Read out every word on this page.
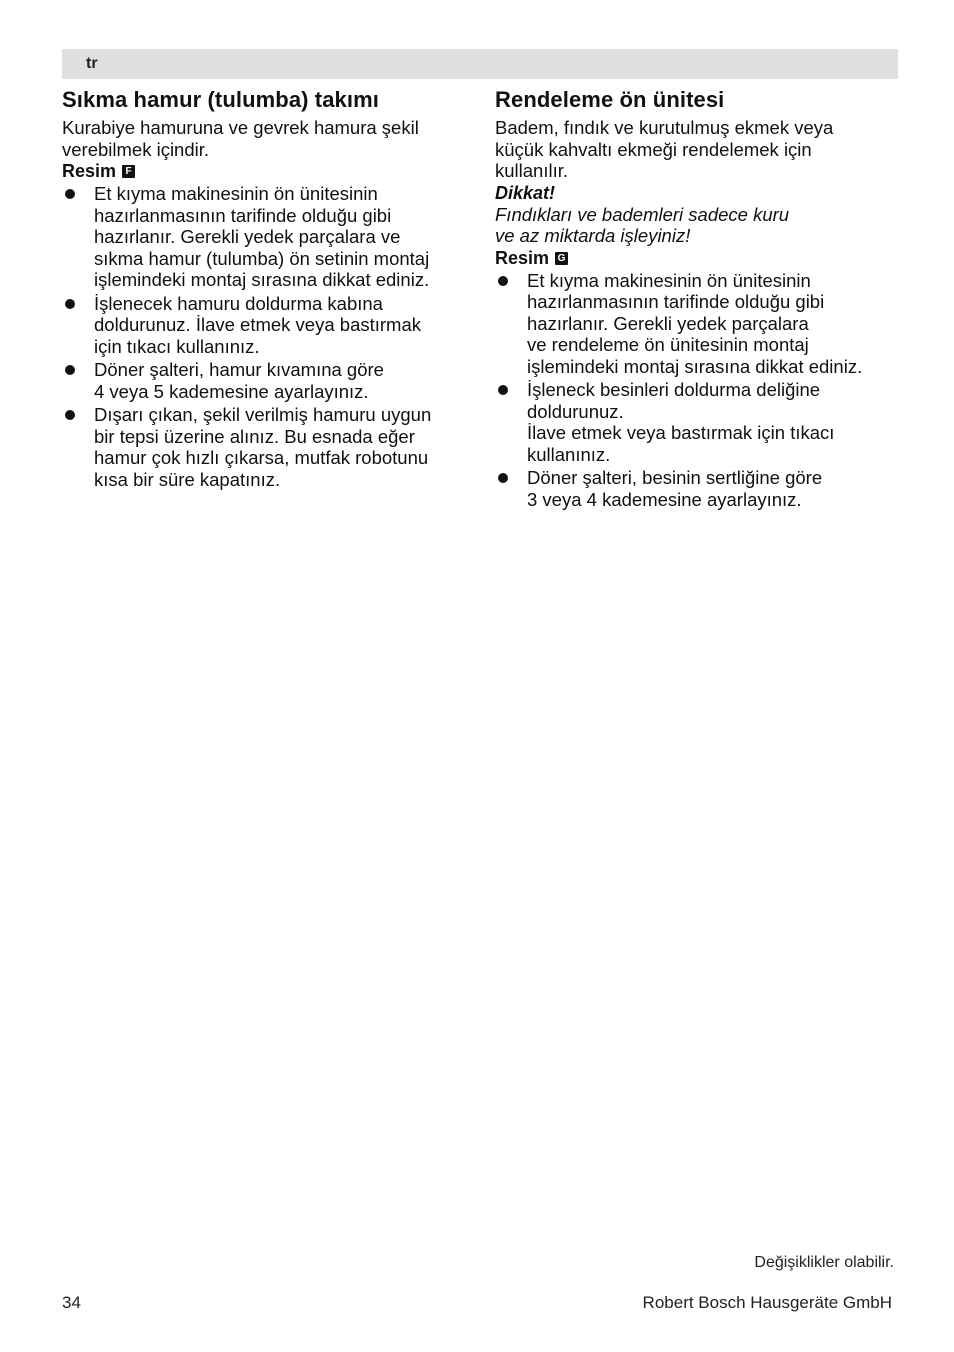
tr
Sıkma hamur (tulumba) takımı

Kurabiye hamuruna ve gevrek hamura şekil
verebilmek içindir.

Resim F
Et kıyma makinesinin ön ünitesinin
hazırlanmasının tarifinde olduğu gibi
hazırlanır. Gerekli yedek parçalara ve
sıkma hamur (tulumba) ön setinin montaj
işlemindeki montaj sırasına dikkat ediniz.
İşlenecek hamuru doldurma kabına
doldurunuz. İlave etmek veya bastırmak
için tıkacı kullanınız.
Döner şalteri, hamur kıvamına göre
4 veya 5 kademesine ayarlayınız.
Dışarı çıkan, şekil verilmiş hamuru uygun
bir tepsi üzerine alınız. Bu esnada eğer
hamur çok hızlı çıkarsa, mutfak robotunu
kısa bir süre kapatınız.
Rendeleme ön ünitesi

Badem, fındık ve kurutulmuş ekmek veya
küçük kahvaltı ekmeği rendelemek için
kullanılır.

Dikkat!

Fındıkları ve bademleri sadece kuru
ve az miktarda işleyiniz!

Resim G
Et kıyma makinesinin ön ünitesinin
hazırlanmasının tarifinde olduğu gibi
hazırlanır. Gerekli yedek parçalara
ve rendeleme ön ünitesinin montaj
işlemindeki montaj sırasına dikkat ediniz.
İşleneck besinleri doldurma deliğine
doldurunuz.
İlave etmek veya bastırmak için tıkacı
kullanınız.
Döner şalteri, besinin sertliğine göre
3 veya 4 kademesine ayarlayınız.
Değişiklikler olabilir.
34	Robert Bosch Hausgeräte GmbH
